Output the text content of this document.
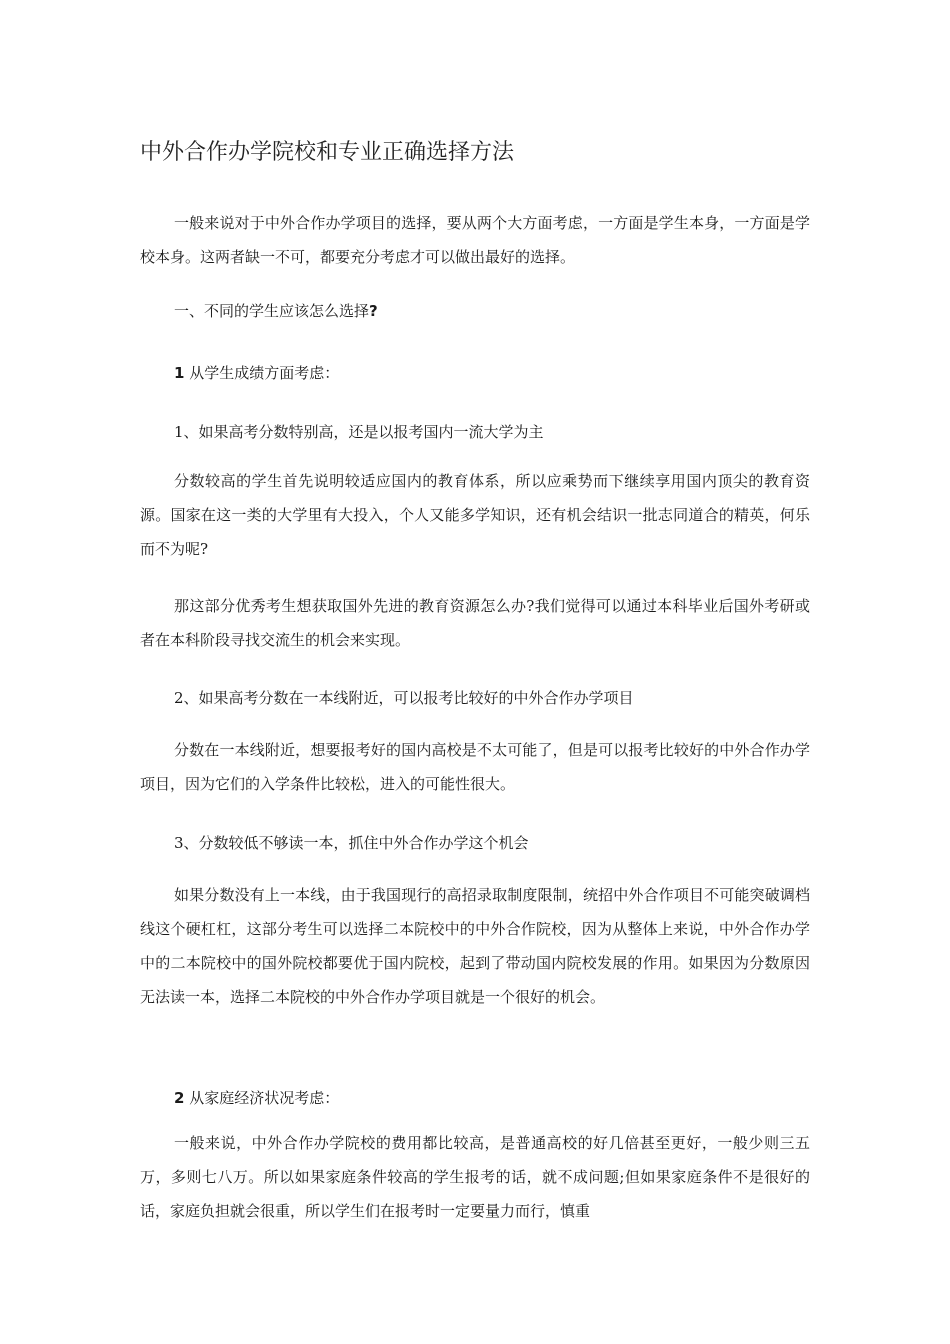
中外合作办学院校和专业正确选择方法

一般来说对于中外合作办学项目的选择，要从两个大方面考虑，一方面是学生本身，一方面是学校本身。这两者缺一不可，都要充分考虑才可以做出最好的选择。

一、不同的学生应该怎么选择?

1 从学生成绩方面考虑：

1、如果高考分数特别高，还是以报考国内一流大学为主

分数较高的学生首先说明较适应国内的教育体系，所以应乘势而下继续享用国内顶尖的教育资源。国家在这一类的大学里有大投入，个人又能多学知识，还有机会结识一批志同道合的精英，何乐而不为呢?

那这部分优秀考生想获取国外先进的教育资源怎么办?我们觉得可以通过本科毕业后国外考研或者在本科阶段寻找交流生的机会来实现。

2、如果高考分数在一本线附近，可以报考比较好的中外合作办学项目

分数在一本线附近，想要报考好的国内高校是不太可能了，但是可以报考比较好的中外合作办学项目，因为它们的入学条件比较松，进入的可能性很大。

3、分数较低不够读一本，抓住中外合作办学这个机会

如果分数没有上一本线，由于我国现行的高招录取制度限制，统招中外合作项目不可能突破调档线这个硬杠杠，这部分考生可以选择二本院校中的中外合作院校，因为从整体上来说，中外合作办学中的二本院校中的国外院校都要优于国内院校，起到了带动国内院校发展的作用。如果因为分数原因无法读一本，选择二本院校的中外合作办学项目就是一个很好的机会。

2 从家庭经济状况考虑：

一般来说，中外合作办学院校的费用都比较高，是普通高校的好几倍甚至更好，一般少则三五万，多则七八万。所以如果家庭条件较高的学生报考的话，就不成问题;但如果家庭条件不是很好的话，家庭负担就会很重，所以学生们在报考时一定要量力而行，慎重
